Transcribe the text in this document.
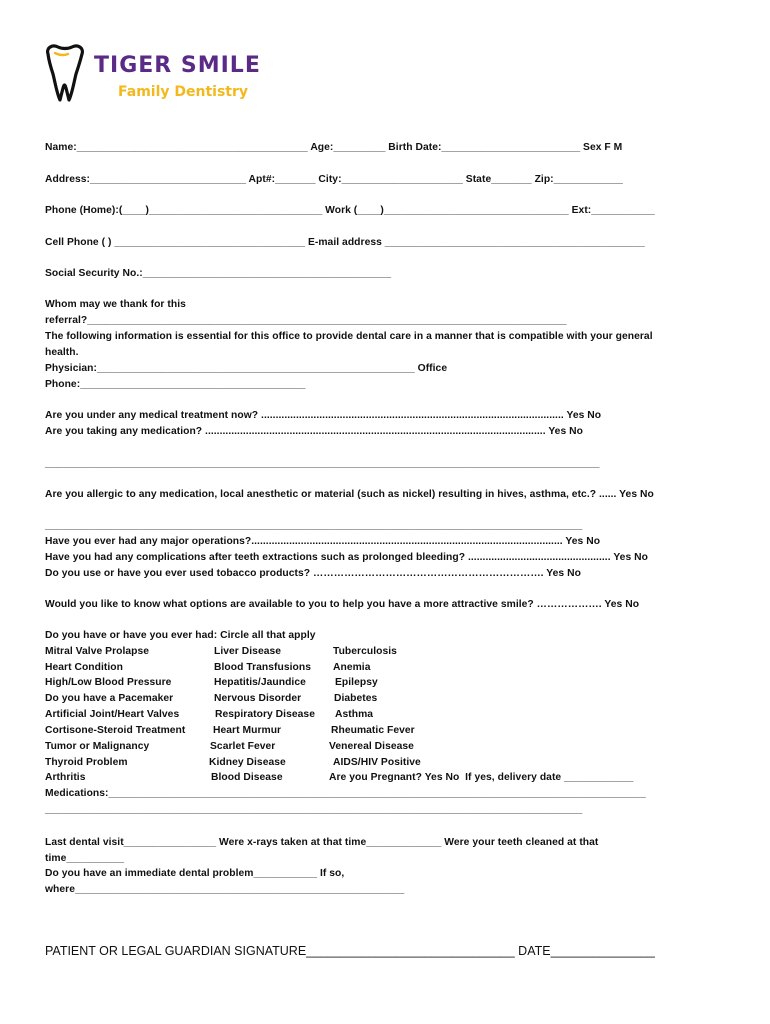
TIGER SMILE
Family Dentistry
Name:________________________________________ Age:_________ Birth Date:________________________ Sex F M
Address:___________________________ Apt#:_______ City:_____________________ State_______ Zip:____________
Phone (Home):(____)______________________________ Work (____)________________________________ Ext:___________
Cell Phone ( ) _________________________________ E-mail address _____________________________________________
Social Security No.:___________________________________________
Whom may we thank for this
referral?___________________________________________________________________________________
The following information is essential for this office to provide dental care in a manner that is compatible with your general
health.
Physician:_______________________________________________________ Office
Phone:_______________________________________
Are you under any medical treatment now? ........................................................................................................ Yes No
Are you taking any medication? ..................................................................................................................... Yes No
________________________________________________________________________________________________
Are you allergic to any medication, local anesthetic or material (such as nickel) resulting in hives, asthma, etc.? ...... Yes No
_____________________________________________________________________________________________
Have you ever had any major operations?........................................................................................................... Yes No
Have you had any complications after teeth extractions such as prolonged bleeding? ................................................. Yes No
Do you use or have you ever used tobacco products? …………………………………………………………. Yes No
Would you like to know what options are available to you to help you have a more attractive smile? ………………. Yes No
Do you have or have you ever had: Circle all that apply
Mitral Valve Prolapse
Heart Condition
High/Low Blood Pressure
Do you have a Pacemaker
Artificial Joint/Heart Valves
Cortisone-Steroid Treatment
Tumor or Malignancy
Thyroid Problem
Arthritis
Liver Disease
Blood Transfusions
Hepatitis/Jaundice
Nervous Disorder
Respiratory Disease
Heart Murmur
Scarlet Fever
Kidney Disease
Blood Disease
Tuberculosis
Anemia
Epilepsy
Diabetes
Asthma
Rheumatic Fever
Venereal Disease
AIDS/HIV Positive
Are you Pregnant? Yes No  If yes, delivery date ____________
Medications:_____________________________________________________________________________________________
_____________________________________________________________________________________________
Last dental visit________________ Were x-rays taken at that time_____________ Were your teeth cleaned at that
time__________
Do you have an immediate dental problem___________ If so,
where_________________________________________________________
PATIENT OR LEGAL GUARDIAN SIGNATURE______________________________ DATE_______________
